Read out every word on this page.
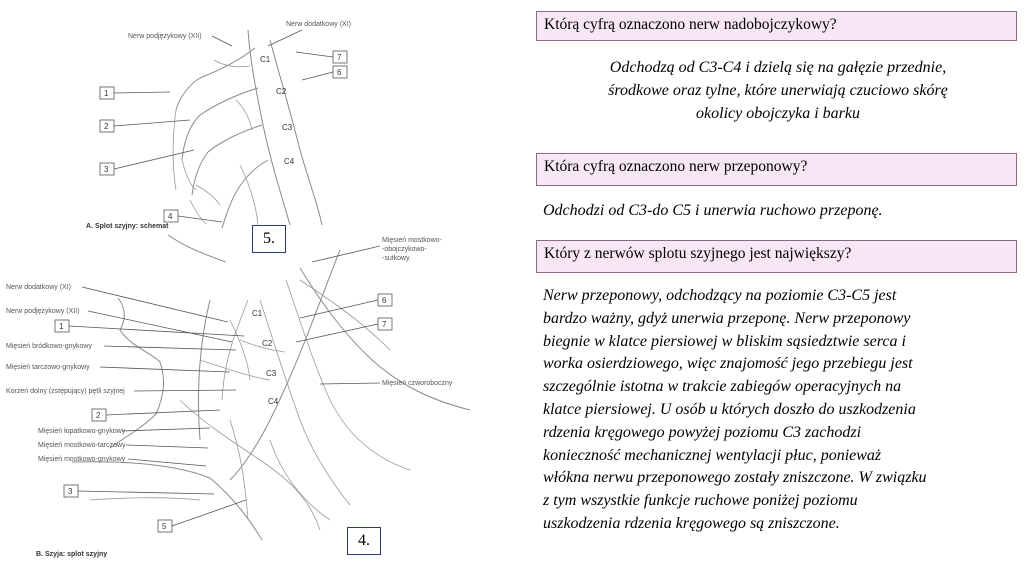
Nerw podjęzykowy (XII)
Nerw dodatkowy (XI)
C1
C2
C3
C4
1
2
3
4
7
6
A. Splot szyjny: schemat
C1
C2
C3
C4
Nerw dodatkowy (XI)
Nerw podjęzykowy (XII)
Mięsień bródkowo-gnykowy
Mięsień tarczowo-gnykowy
Korzeń dolny (zstępujący) pętli szyjnej
Mięsień łopatkowo-gnykowy
Mięsień mostkowo-tarczowy
Mięsień mostkowo-gnykowy
Mięsień mostkowo-
-obojczykowo-
-sutkowy
Mięsień czworoboczny
6
7
1
2
3
5
B. Szyja: splot szyjny
5.
4.
Którą cyfrą oznaczono nerw nadobojczykowy?
Odchodzą od C3-C4 i dzielą się na gałęzie przednie,
środkowe oraz tylne, które unerwiają czuciowo skórę
okolicy obojczyka i barku
Która cyfrą oznaczono nerw przeponowy?
Odchodzi od C3-do C5 i unerwia ruchowo przeponę.
Który z nerwów splotu szyjnego jest największy?
Nerw przeponowy, odchodzący na poziomie C3-C5 jest
bardzo ważny, gdyż unerwia przeponę. Nerw przeponowy
biegnie w klatce piersiowej w bliskim sąsiedztwie serca i
worka osierdziowego, więc znajomość jego przebiegu jest
szczególnie istotna w trakcie zabiegów operacyjnych na
klatce piersiowej. U osób u których doszło do uszkodzenia
rdzenia kręgowego powyżej poziomu C3 zachodzi
konieczność mechanicznej wentylacji płuc, ponieważ
włókna nerwu przeponowego zostały zniszczone. W związku
z tym wszystkie funkcje ruchowe poniżej poziomu
uszkodzenia rdzenia kręgowego są zniszczone.
